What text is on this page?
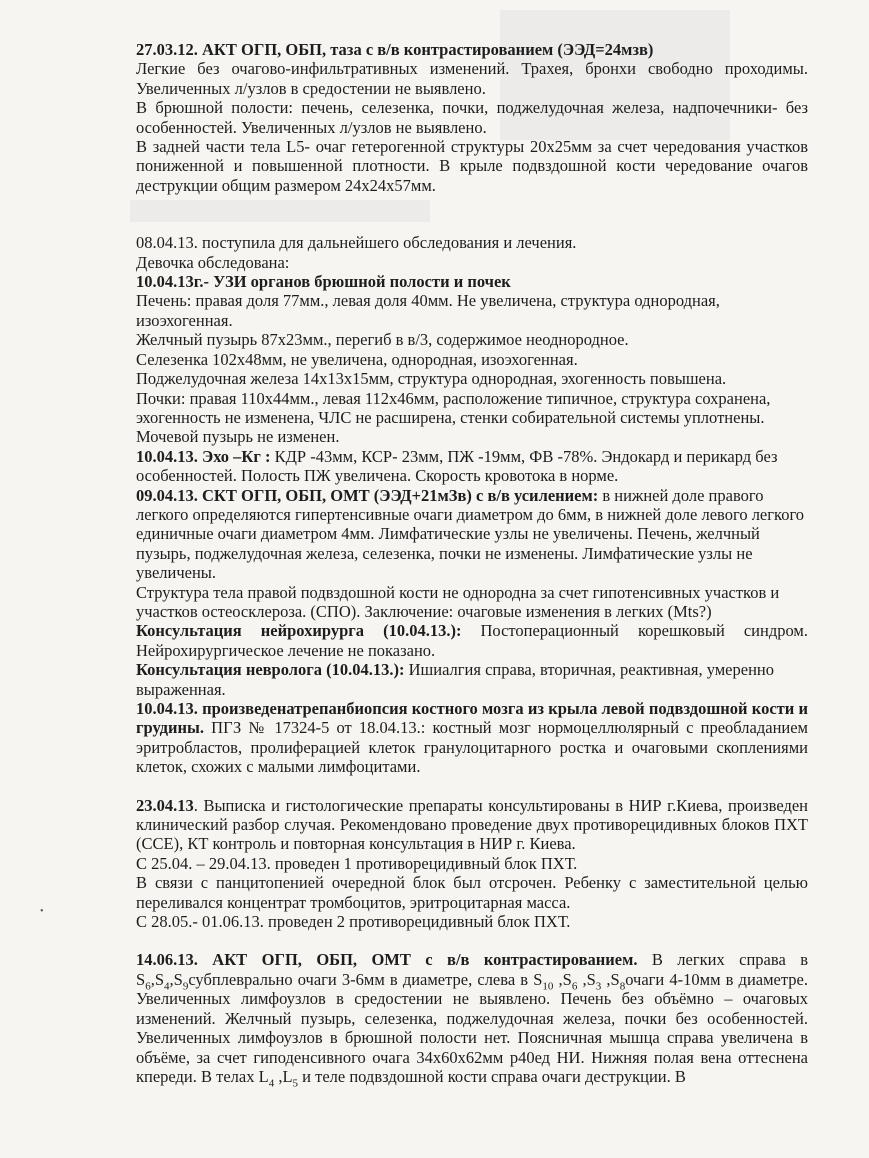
•

27.03.12. АКТ ОГП, ОБП, таза с в/в контрастированием (ЭЭД=24мзв)

Легкие без очагово-инфильтративных изменений. Трахея, бронхи свободно проходимы. Увеличенных л/узлов в средостении не выявлено.

В брюшной полости: печень, селезенка, почки, поджелудочная железа, надпочечники- без особенностей. Увеличенных л/узлов не выявлено.

В задней части тела L5- очаг гетерогенной структуры 20х25мм за счет чередования участков пониженной и повышенной плотности. В крыле подвздошной кости чередование очагов деструкции общим размером 24х24х57мм.

08.04.13. поступила для дальнейшего обследования и лечения.

Девочка обследована:

10.04.13г.- УЗИ органов брюшной полости и почек

Печень: правая доля 77мм., левая доля 40мм. Не увеличена, структура однородная, изоэхогенная.

Желчный пузырь 87х23мм., перегиб в в/3, содержимое неоднородное.

Селезенка 102х48мм, не увеличена, однородная, изоэхогенная.

Поджелудочная железа 14х13х15мм, структура однородная, эхогенность повышена.

Почки: правая 110х44мм., левая 112х46мм, расположение типичное, структура сохранена, эхогенность не изменена, ЧЛС не расширена, стенки собирательной системы уплотнены.

Мочевой пузырь не изменен.

10.04.13. Эхо –Кг : КДР -43мм, КСР- 23мм, ПЖ -19мм, ФВ -78%. Эндокард и перикард без особенностей. Полость ПЖ увеличена. Скорость кровотока в норме.

09.04.13. СКТ ОГП, ОБП, ОМТ (ЭЭД+21мЗв) с в/в усилением: в нижней доле правого легкого определяются гипертенсивные очаги диаметром до 6мм, в нижней доле левого легкого единичные очаги диаметром 4мм. Лимфатические узлы не увеличены. Печень, желчный пузырь, поджелудочная железа, селезенка, почки не изменены. Лимфатические узлы не увеличены.

Структура тела правой подвздошной кости не однородна за счет гипотенсивных участков и участков остеосклероза. (СПО). Заключение: очаговые изменения в легких (Mts?)

Консультация нейрохирурга (10.04.13.): Постоперационный корешковый синдром. Нейрохирургическое лечение не показано.

Консультация невролога (10.04.13.): Ишиалгия справа, вторичная, реактивная, умеренно выраженная.

10.04.13. произведенатрепанбиопсия костного мозга из крыла левой подвздошной кости и грудины. ПГЗ № 17324-5 от 18.04.13.: костный мозг нормоцеллюлярный с преобладанием эритробластов, пролиферацией клеток гранулоцитарного ростка и очаговыми скоплениями клеток, схожих с малыми лимфоцитами.

23.04.13. Выписка и гистологические препараты консультированы в НИР г.Киева, произведен клинический разбор случая. Рекомендовано проведение двух противорецидивных блоков ПХТ (ССЕ), КТ контроль и повторная консультация в НИР г. Киева.

С 25.04. – 29.04.13. проведен 1 противорецидивный блок ПХТ.

В связи с панцитопенией очередной блок был отсрочен. Ребенку с заместительной целью переливался концентрат тромбоцитов, эритроцитарная масса.

С 28.05.- 01.06.13. проведен 2 противорецидивный блок ПХТ.

14.06.13. АКТ ОГП, ОБП, ОМТ с в/в контрастированием. В легких справа в $S_6,S_4,S_9субплеврально$ очаги 3-6мм в диаметре, слева в $S_{10}$ $,S_6$ $,S_3$ $,S_8очаги$ 4-10мм в диаметре. Увеличенных лимфоузлов в средостении не выявлено. Печень без объёмно – очаговых изменений. Желчный пузырь, селезенка, поджелудочная железа, почки без особенностей. Увеличенных лимфоузлов в брюшной полости нет. Поясничная мышца справа увеличена в объёме, за счет гиподенсивного очага 34х60х62мм р40ед НИ. Нижняя полая вена оттеснена кпереди. В телах $L_4$ $,L_5$ и теле подвздошной кости справа очаги деструкции. В
